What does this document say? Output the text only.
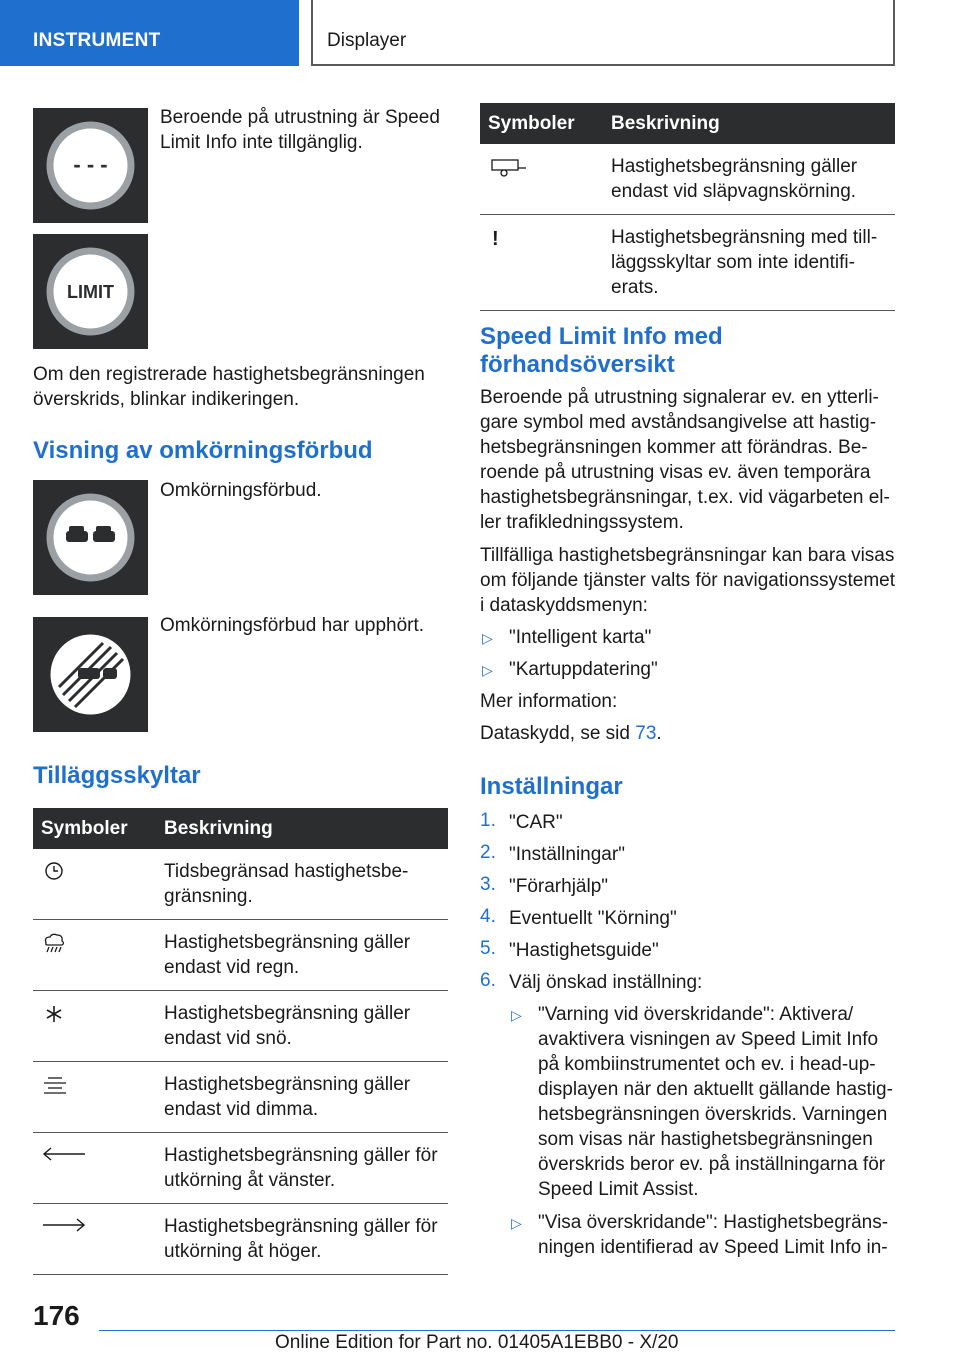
INSTRUMENT	Displayer
- - -
Beroende på utrustning är Speed Limit Info inte tillgänglig.
LIMIT
Om den registrerade hastighetsbegränsningen överskrids, blinkar indikeringen.
Visning av omkörningsförbud
Omkörningsförbud.
Omkörningsförbud har upphört.
Tilläggsskyltar
Symboler	Beskrivning
	Tidsbegränsad hastighetsbegränsning.
	Hastighetsbegränsning gäller endast vid regn.
	Hastighetsbegränsning gäller endast vid snö.
	Hastighetsbegränsning gäller endast vid dimma.
	Hastighetsbegränsning gäller för utkörning åt vänster.
	Hastighetsbegränsning gäller för utkörning åt höger.
Symboler	Beskrivning
	Hastighetsbegränsning gäller endast vid släpvagnskörning.
!	Hastighetsbegränsning med tillläggsskyltar som inte identifierats.
Speed Limit Info med
förhandsöversikt
Beroende på utrustning signalerar ev. en ytterligare symbol med avståndsangivelse att hastighetsbegränsningen kommer att förändras. Beroende på utrustning visas ev. även temporära hastighetsbegränsningar, t.ex. vid vägarbeten eller trafikledningssystem.
Tillfälliga hastighetsbegränsningar kan bara visas om följande tjänster valts för navigationssystemet i dataskyddsmenyn:
▷ "Intelligent karta"
▷ "Kartuppdatering"
Mer information:
Dataskydd, se sid 73.
Inställningar
1. "CAR"
2. "Inställningar"
3. "Förarhjälp"
4. Eventuellt "Körning"
5. "Hastighetsguide"
6. Välj önskad inställning:
▷ "Varning vid överskridande": Aktivera/ avaktivera visningen av Speed Limit Info på kombiinstrumentet och ev. i head-up-displayen när den aktuellt gällande hastighetsbegränsningen överskrids. Varningen som visas när hastighetsbegränsningen överskrids beror ev. på inställningarna för Speed Limit Assist.
▷ "Visa överskridande": Hastighetsbegränsningen identifierad av Speed Limit Info in-
176
Online Edition for Part no. 01405A1EBB0 - X/20
